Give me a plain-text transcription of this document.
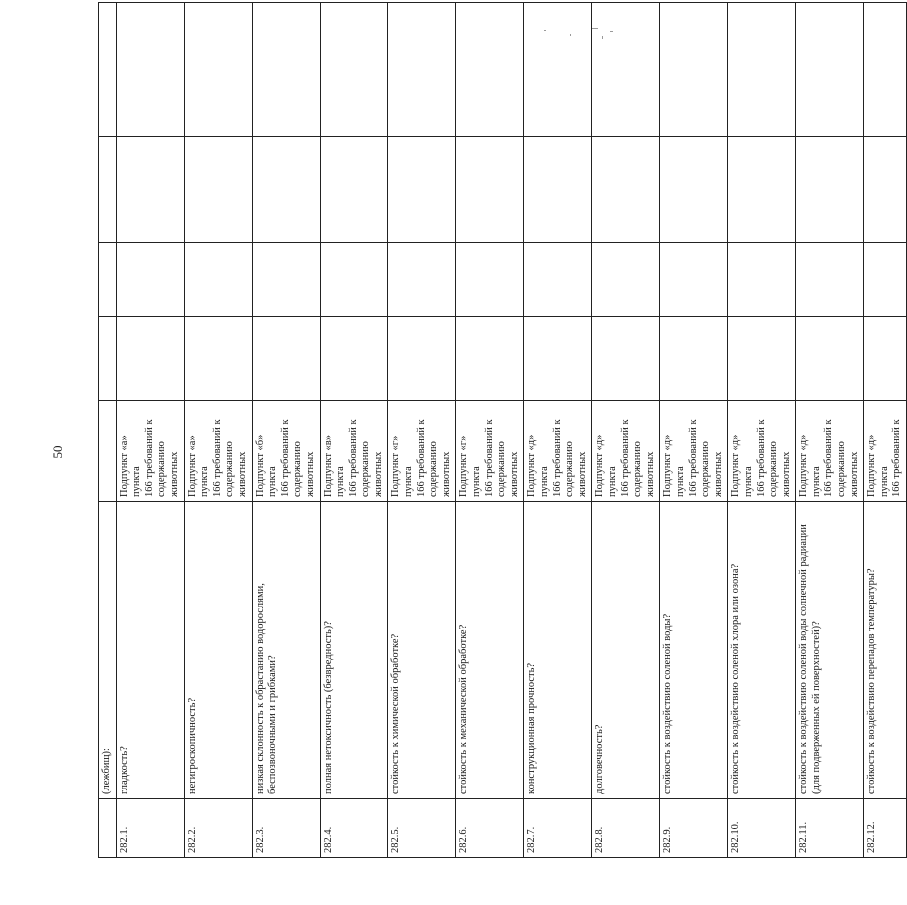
50
	(лежбищ):					
282.1.	гладкость?	Подпункт «а» пункта 166 требований к содержанию животных				

282.2.	негигроскопичность?	Подпункт «а» пункта 166 требований к содержанию животных				

282.3.	низкая склонность к обрастанию водорослями, беспозвоночными и грибками?	Подпункт «б» пункта 166 требований к содержанию животных				

282.4.	полная нетоксичность (безвредность)?	Подпункт «в» пункта 166 требований к содержанию животных				

282.5.	стойкость к химической обработке?	Подпункт «г» пункта 166 требований к содержанию животных				

282.6.	стойкость к механической обработке?	Подпункт «г» пункта 166 требований к содержанию животных				

282.7.	конструкционная прочность?	Подпункт «д» пункта 166 требований к содержанию животных				

282.8.	долговечность?	Подпункт «д» пункта 166 требований к содержанию животных				

282.9.	стойкость к воздействию соленой воды?	Подпункт «д» пункта 166 требований к содержанию животных				

282.10.	стойкость к воздействию соленой хлора или озона?	Подпункт «д» пункта 166 требований к содержанию животных				

282.11.	стойкость к воздействию соленой воды солнечной радиации (для подверженных ей поверхностей)?	Подпункт «д» пункта 166 требований к содержанию животных				

282.12.	стойкость к воздействию перепадов температуры?	Подпункт «д» пункта 166 требований к				
